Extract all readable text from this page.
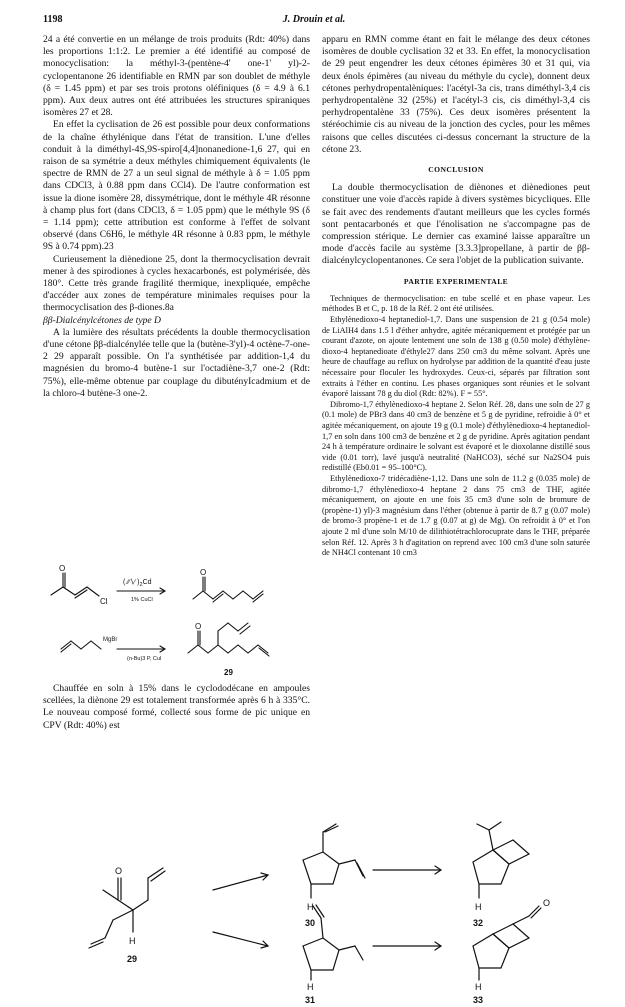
1198	J. Drouin et al.

24 a été convertie en un mélange de trois produits (Rdt: 40%) dans les proportions 1:1:2. Le premier a été identifié au composé de monocyclisation: la méthyl-3-(pentène-4' one-1' yl)-2-cyclopentanone 26 identifiable en RMN par son doublet de méthyle (δ = 1.45 ppm) et par ses trois protons oléfiniques (δ = 4.9 à 6.1 ppm). Aux deux autres ont été attribuées les structures spiraniques isomères 27 et 28.

En effet la cyclisation de 26 est possible pour deux conformations de la chaîne éthylénique dans l'état de transition. L'une d'elles conduit à la diméthyl-4S,9S-spiro[4,4]nonanedione-1,6 27, qui en raison de sa symétrie a deux méthyles chimiquement équivalents (le spectre de RMN de 27 a un seul signal de méthyle à δ = 1.05 ppm dans CDCl3, à 0.88 ppm dans CCl4). De l'autre conformation est issue la dione isomère 28, dissymétrique, dont le méthyle 4R résonne à champ plus fort (dans CDCl3, δ = 1.05 ppm) que le méthyle 9S (δ = 1.14 ppm); cette attribution est conforme à l'effet de solvant observé (dans C6H6, le méthyle 4R résonne à 0.83 ppm, le méthyle 9S à 0.74 ppm).23

Curieusement la diènedione 25, dont la thermocyclisation devrait mener à des spirodiones à cycles hexacarbonés, est polymérisée, dès 180°. Cette très grande fragilité thermique, inexpliquée, empêche d'accéder aux zones de température minimales requises pour la thermocyclisation des β-diones.8a

ββ-Dialcénylcétones de type D

A la lumière des résultats précédents la double thermocyclisation d'une cétone ββ-dialcénylée telle que la (butène-3'yl)-4 octène-7-one-2 29 apparaît possible. On l'a synthétisée par addition-1,4 du magnésien du bromo-4 butène-1 sur l'octadiène-3,7 one-2 (Rdt: 75%), elle-même obtenue par couplage du dibutényIcadmium et de la chloro-4 butène-3 one-2.

O
Cl
( ∕∕∖∕ )$_2Cd$
1% CuCl
O
MgBr
(n-Bu)3 P, CuI
O
29

Chauffée en soln à 15% dans le cyclododécane en ampoules scellées, la diènone 29 est totalement transformée après 6 h à 335°C. Le nouveau composé formé, collecté sous forme de pic unique en CPV (Rdt: 40%) est

apparu en RMN comme étant en fait le mélange des deux cétones isomères de double cyclisation 32 et 33. En effet, la monocyclisation de 29 peut engendrer les deux cétones épimères 30 et 31 qui, via deux énols épimères (au niveau du méthyle du cycle), donnent deux cétones perhydropentalèniques: l'acétyl-3a cis, trans diméthyl-3,4 cis perhydropentalène 32 (25%) et l'acétyl-3 cis, cis diméthyl-3,4 cis perhydropentalène 33 (75%). Ces deux isomères présentent la stéréochimie cis au niveau de la jonction des cycles, pour les mêmes raisons que celles discutées ci-dessus concernant la structure de la cétone 23.

CONCLUSION

La double thermocyclisation de diènones et diènediones peut constituer une voie d'accès rapide à divers systèmes bicycliques. Elle se fait avec des rendements d'autant meilleurs que les cycles formés sont pentacarbonés et que l'énolisation ne s'accompagne pas de compression stérique. Le dernier cas examiné laisse apparaître un mode d'accès facile au système [3.3.3]propellane, à partir de ββ-dialcénylcyclopentanones. Ce sera l'objet de la publication suivante.

PARTIE EXPERIMENTALE

Techniques de thermocyclisation: en tube scellé et en phase vapeur. Les méthodes B et C, p. 18 de la Réf. 2 ont été utilisées.

Ethylènedioxo-4 heptanediol-1,7. Dans une suspension de 21 g (0.54 mole) de LiAlH4 dans 1.5 l d'éther anhydre, agitée mécaniquement et protégée par un courant d'azote, on ajoute lentement une soln de 138 g (0.50 mole) d'éthylène-dioxo-4 heptanedioate d'éthyle27 dans 250 cm3 du même solvant. Après une heure de chauffage au reflux on hydrolyse par addition de la quantité d'eau juste nécessaire pour floculer les hydroxydes. Ceux-ci, séparés par filtration sont extraits à l'éther en continu. Les phases organiques sont réunies et le solvant évaporé laissant 78 g du diol (Rdt: 82%). F = 55°.

Dibromo-1,7 éthylènedioxo-4 heptane 2. Selon Réf. 28, dans une soln de 27 g (0.1 mole) de PBr3 dans 40 cm3 de benzène et 5 g de pyridine, refroidie à 0° et agitée mécaniquement, on ajoute 19 g (0.1 mole) d'éthylènedioxo-4 heptanediol-1,7 en soln dans 100 cm3 de benzène et 2 g de pyridine. Après agitation pendant 24 h à température ordinaire le solvant est évaporé et le dioxolanne distillé sous vide (0.01 torr), lavé jusqu'à neutralité (NaHCO3), séché sur Na2SO4 puis redistillé (Eb0.01 = 95–100°C).

Ethylènedioxo-7 tridécadiène-1,12. Dans une soln de 11.2 g (0.035 mole) de dibromo-1,7 éthylènedioxo-4 heptane 2 dans 75 cm3 de THF, agitée mécaniquement, on ajoute en une fois 35 cm3 d'une soln de bromure de (propène-1) yl)-3 magnésium dans l'éther (obtenue à partir de 8.7 g (0.07 mole) de bromo-3 propène-1 et de 1.7 g (0.07 at g) de Mg). On refroidit à 0° et l'on ajoute 2 ml d'une soln M/10 de dilithiotétrachlorocuprate dans le THF, préparée selon Réf. 12. Après 3 h d'agitation on reprend avec 100 cm3 d'une soln saturée de NH4Cl contenant 10 cm3

O
H
29
H
30
H
31
H
32
O
H
33
